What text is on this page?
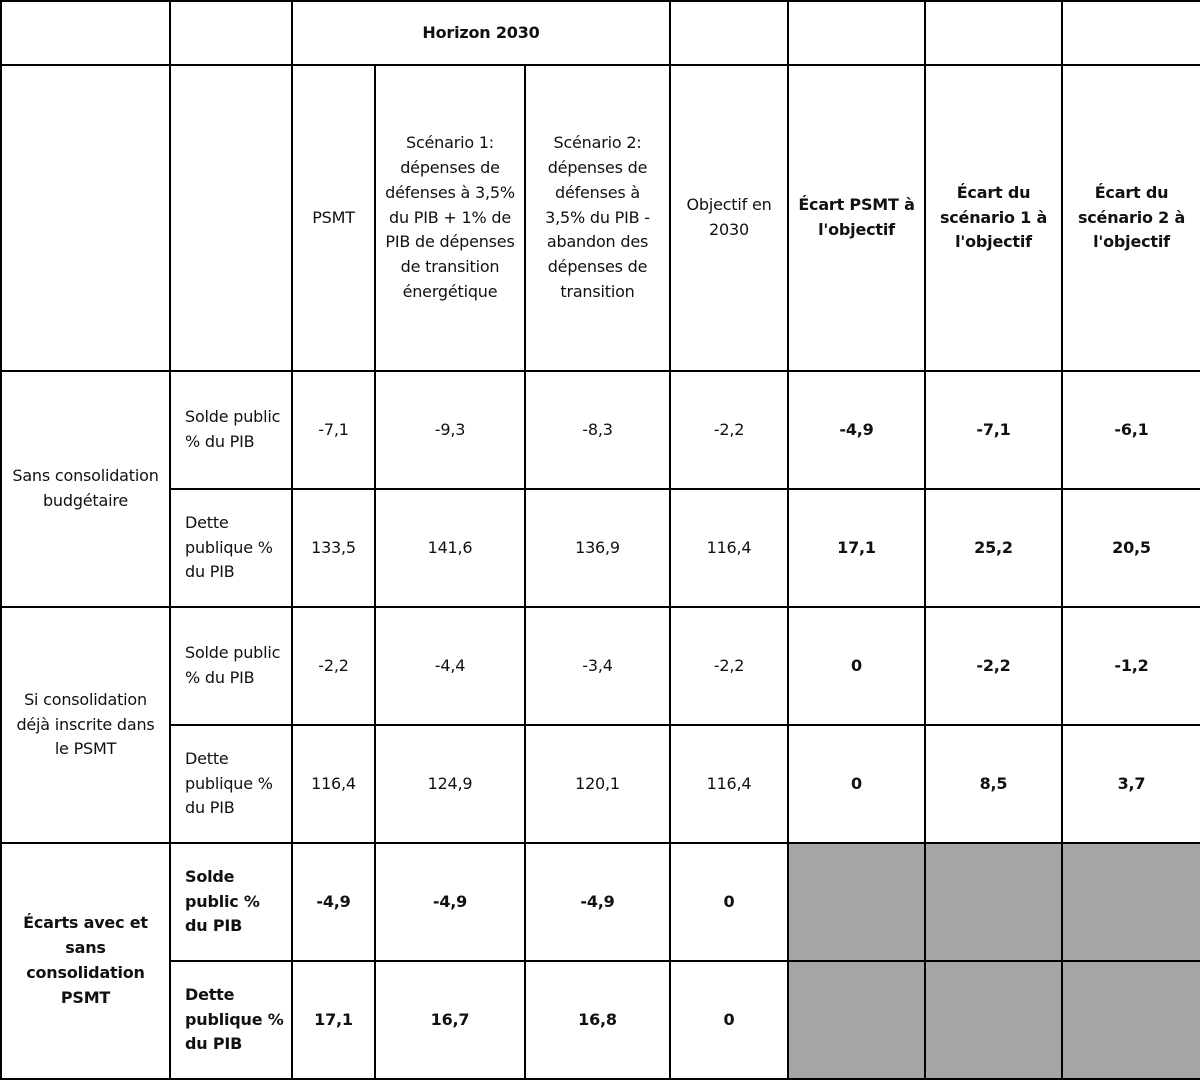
		Horizon 2030						
		PSMT	Scénario 1: dépenses de défenses à 3,5% du PIB + 1% de PIB de dépenses de transition énergétique	Scénario 2: dépenses de défenses à 3,5% du PIB - abandon des dépenses de transition	Objectif en 2030	Écart PSMT à l'objectif	Écart du scénario 1 à l'objectif	Écart du scénario 2 à l'objectif
Sans consolidation budgétaire	Solde public % du PIB	-7,1	-9,3	-8,3	-2,2	-4,9	-7,1	-6,1
	Dette publique % du PIB	133,5	141,6	136,9	116,4	17,1	25,2	20,5
Si consolidation déjà inscrite dans le PSMT	Solde public % du PIB	-2,2	-4,4	-3,4	-2,2	0	-2,2	-1,2
	Dette publique % du PIB	116,4	124,9	120,1	116,4	0	8,5	3,7
Écarts avec et sans consolidation PSMT	Solde public % du PIB	-4,9	-4,9	-4,9	0			
	Dette publique % du PIB	17,1	16,7	16,8	0			
